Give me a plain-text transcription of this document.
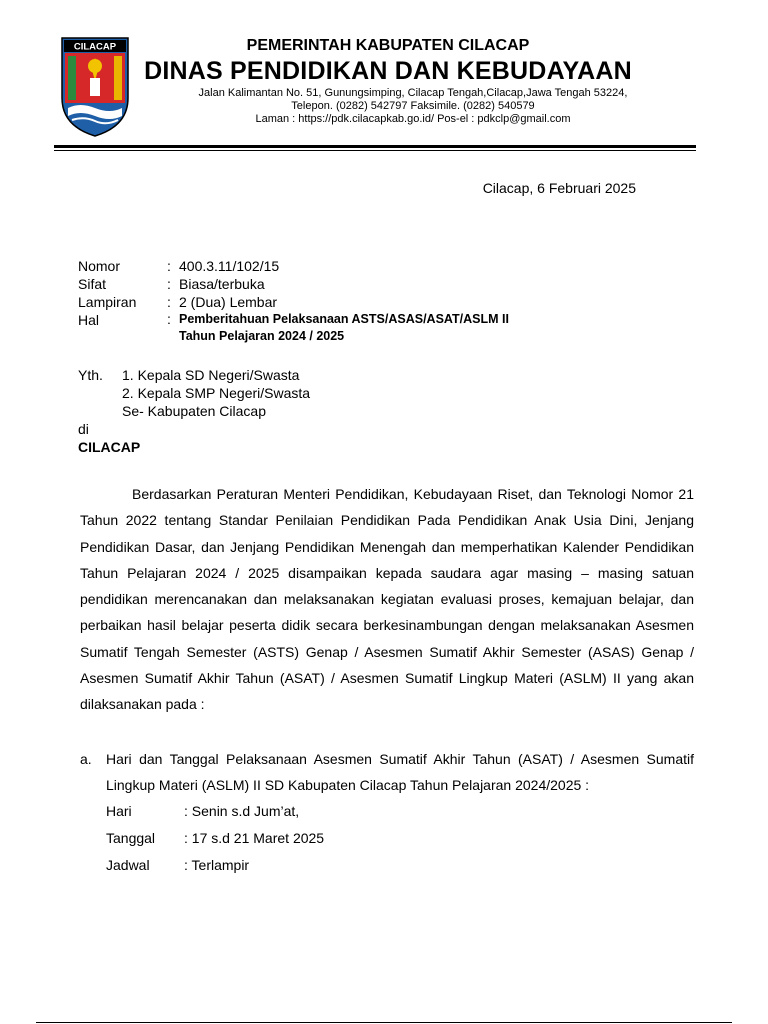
CILACAP	PEMERINTAH KABUPATEN CILACAP
DINAS PENDIDIKAN DAN KEBUDAYAAN
Jalan Kalimantan No. 51, Gunungsimping, Cilacap Tengah,Cilacap,Jawa Tengah 53224,
Telepon. (0282) 542797 Faksimile. (0282) 540579
Laman : https://pdk.cilacapkab.go.id/ Pos-el : pdkclp@gmail.com
Cilacap, 6 Februari 2025
Nomor	: 400.3.11/102/15
Sifat	: Biasa/terbuka
Lampiran : 2 (Dua) Lembar
Hal	: Pemberitahuan Pelaksanaan ASTS/ASAS/ASAT/ASLM II
Tahun Pelajaran 2024 / 2025
Yth. 1. Kepala SD Negeri/Swasta
2. Kepala SMP Negeri/Swasta
Se- Kabupaten Cilacap
di
CILACAP

Berdasarkan Peraturan Menteri Pendidikan, Kebudayaan Riset, dan Teknologi Nomor 21 Tahun 2022 tentang Standar Penilaian Pendidikan Pada Pendidikan Anak Usia Dini, Jenjang Pendidikan Dasar, dan Jenjang Pendidikan Menengah dan memperhatikan Kalender Pendidikan Tahun Pelajaran 2024 / 2025 disampaikan kepada saudara agar masing – masing satuan pendidikan merencanakan dan melaksanakan kegiatan evaluasi proses, kemajuan belajar, dan perbaikan hasil belajar peserta didik secara berkesinambungan dengan melaksanakan Asesmen Sumatif Tengah Semester (ASTS) Genap / Asesmen Sumatif Akhir Semester (ASAS) Genap / Asesmen Sumatif Akhir Tahun (ASAT) / Asesmen Sumatif Lingkup Materi (ASLM) II yang akan dilaksanakan pada :

a. Hari dan Tanggal Pelaksanaan Asesmen Sumatif Akhir Tahun (ASAT) / Asesmen Sumatif Lingkup Materi (ASLM) II SD Kabupaten Cilacap Tahun Pelajaran 2024/2025 :

Hari	: Senin s.d Jum’at,
Tanggal : 17 s.d 21 Maret 2025
Jadwal : Terlampir
